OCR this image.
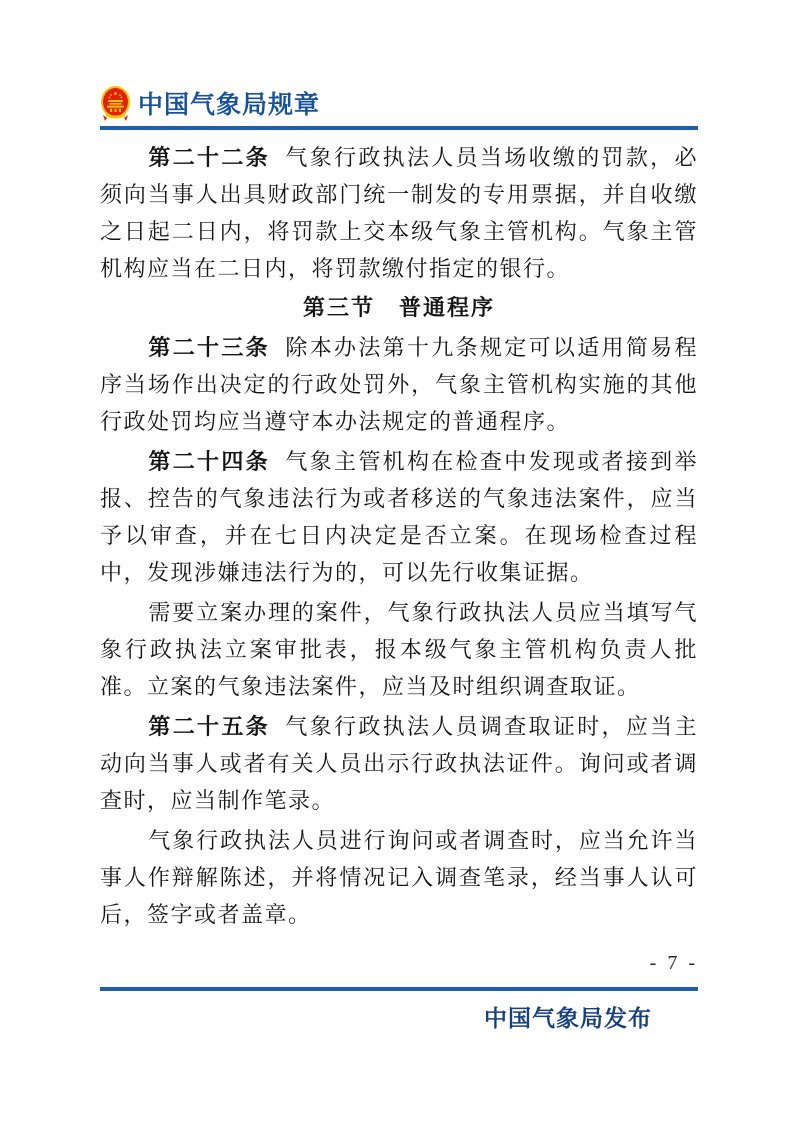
中国气象局规章

第二十二条 气象行政执法人员当场收缴的罚款，必须向当事人出具财政部门统一制发的专用票据，并自收缴之日起二日内，将罚款上交本级气象主管机构。气象主管机构应当在二日内，将罚款缴付指定的银行。

第三节　普通程序

第二十三条 除本办法第十九条规定可以适用简易程序当场作出决定的行政处罚外，气象主管机构实施的其他行政处罚均应当遵守本办法规定的普通程序。

第二十四条 气象主管机构在检查中发现或者接到举报、控告的气象违法行为或者移送的气象违法案件，应当予以审查，并在七日内决定是否立案。在现场检查过程中，发现涉嫌违法行为的，可以先行收集证据。

需要立案办理的案件，气象行政执法人员应当填写气象行政执法立案审批表，报本级气象主管机构负责人批准。立案的气象违法案件，应当及时组织调查取证。

第二十五条 气象行政执法人员调查取证时，应当主动向当事人或者有关人员出示行政执法证件。询问或者调查时，应当制作笔录。

气象行政执法人员进行询问或者调查时，应当允许当事人作辩解陈述，并将情况记入调查笔录，经当事人认可后，签字或者盖章。

- 7 -
中国气象局发布
